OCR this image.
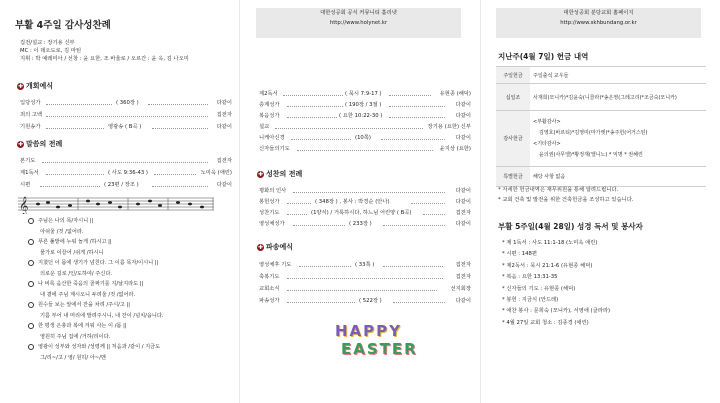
부활 4주일 감사성찬례
집전/설교 : 장기용 신부
MC : 이 데오도로, 김 마틴
지휘 : 박 예레미아 / 선창 : 윤 요한, 조 바울로 / 오르간 : 윤 옥, 김 나오미
✚ 개회예식
입당성가	( 360장 )	다같이
죄의 고백	집전자
기원송가	영광송 ( B곡 )	다같이
✚ 말씀의 전례
본기도	집전자
제1독서	( 사도 9:36-43 )	노미옥 (애린)
시편	( 23편 / 장조 )	다같이
𝄞
주님은 나의 목/자시니 ||
아쉬울 /것 /없어라.
푸른 풀밭에 누워 놀게 /하시고 ||
물가로 이끌어 /쉬게 /하시니
지쳤던 이 몸에 생기가 넘친다. 그 이름 목자/이시니 ||
의로운 길로 /인/도하여/ 주신다.
나 비록 음산한 죽음의 골짜기를 지/날지라도 ||
내 곁에 주님 계시오니 두려울 /것 /없어라.
원수들 보는 앞에서 잔을 차려 /주시/고 ||
기름 부어 내 머리에 발려주시니, 내 잔이 /넘치/옵니다.
한 평생 은총과 복에 겨워 사는 이 /몸 ||
영원히 주님 집에 /거하/리이다.
영광이 성부와 성자와 /성령께 || 처음과 /같이 / 지금도
그/리~/고 / 영/ 원히/ 아~/멘
대한성공회 공식 커뮤니티 홀리넷
http://www.holynet.kr
제2독서	( 묵시 7:9-17 )	유현종 (해덕)
층계성가	( 190장 / 3절 )	다같이
복음성가	( 요한 10:22-30 )	다같이
설교	장기용 (요한) 신부
니케아신경	(10쪽)	다같이
신자들의기도	윤지상 (요한)
✚ 성찬의 전례
평화의 인사	다같이
봉헌성가	( 348장 ) , 봉사 : 박경순 (안나)	다같이
성찬기도	(1양식) / 거룩하시다, 하느님 어린양 ( B곡)	집전자
영성체성가	( 233장 )	다같이
✚ 파송예식
영성체후 기도	( 33쪽 )	집전자
축복기도	집전자
교회소식	선지회장
파송성가	( 522장 )	다같이
HAPPY
EASTER
대한성공회 분당교회 홈페이지
http://www.skhbundang.or.kr
지난주(4월 7일) 헌금 내역
주일헌금	주일출석 교우들
십일조	서재희(모니카)*김윤숙(니콜라)*송은영(그레고리)*조금숙(모니카)
감사헌금	<부활감사>
김영호(바르티)*김영미(마가렛)*송주헌(어거스틴)
<기타감사>
윤의권(사무엘)*황정재(엘니노) * 익명 * 권혜린

특별헌금	해당 사항 없음
* 자세한 헌금내역은 재무위원을 통해 알려드립니다.
* 교회 건축 및 발전을 위한 건축헌금을 조성하고 있습니다.
부활 5주일(4월 28일) 성경 독서 및 봉사자
* 제 1독서 : 사도 11:1-18 (노미옥 애린)
* 시편 : 148편
* 제2독서 : 묵시 21:1-6 (유현종 해덕)
* 복음 : 요한 13:31-35
* 신자들의 기도 : 유현종 (해덕)
* 봉헌 : 지금식 (안드레)
* 애찬 봉사 : 문희숙 (모니카), 서영애 (클라라)
* 4월 27일 교회 청소 : 김종경 (애린)
